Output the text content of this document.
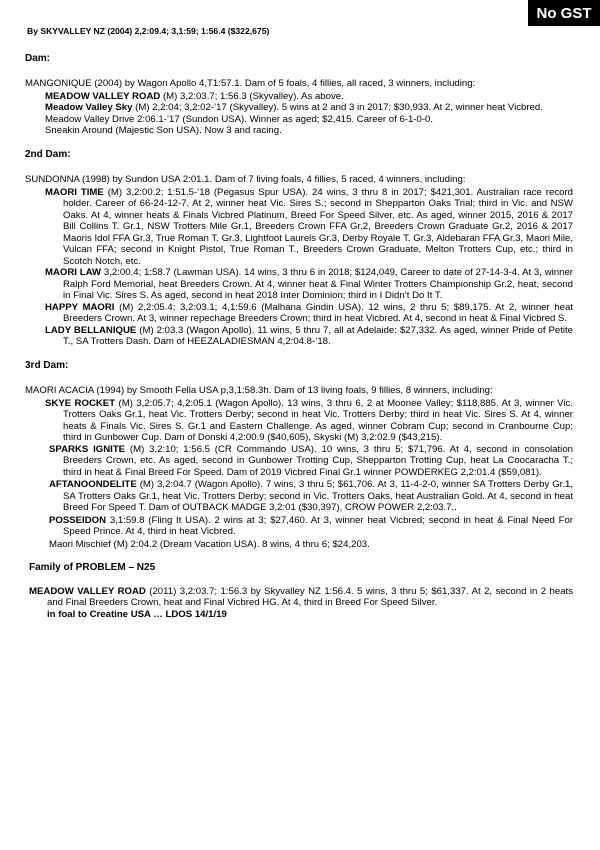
No GST
By SKYVALLEY NZ (2004) 2,2:09.4; 3,1:59; 1:56.4 ($322,675)
Dam:

MANGONIQUE (2004) by Wagon Apollo 4,T1:57.1. Dam of 5 foals, 4 fillies, all raced, 3 winners, including:

MEADOW VALLEY ROAD (M) 3,2:03.7; 1:56.3 (Skyvalley). As above.
Meadow Valley Sky (M) 2,2:04; 3,2:02-’17 (Skyvalley). 5 wins at 2 and 3 in 2017; $30,933. At 2, winner heat Vicbred.
Meadow Valley Drive 2:06.1-’17 (Sundon USA). Winner as aged; $2,415. Career of 6-1-0-0.
Sneakin Around (Majestic Son USA). Now 3 and racing.
2nd Dam:

SUNDONNA (1998) by Sundon USA 2:01.1. Dam of 7 living foals, 4 fillies, 5 raced, 4 winners, including:

MAORI TIME (M) 3,2:00.2; 1:51.5-’18 (Pegasus Spur USA). 24 wins, 3 thru 8 in 2017; $421,301. Australian race record holder. Career of 66-24-12-7. At 2, winner heat Vic. Sires S.; second in Shepparton Oaks Trial; third in Vic. and NSW Oaks. At 4, winner heats & Finals Vicbred Platinum, Breed For Speed Silver, etc. As aged, winner 2015, 2016 & 2017 Bill Collins T. Gr.1, NSW Trotters Mile Gr.1, Breeders Crown FFA Gr.2, Breeders Crown Graduate Gr.2, 2016 & 2017 Maoris Idol FFA Gr.3, True Roman T. Gr.3, Lightfoot Laurels Gr.3, Derby Royale T. Gr.3, Aldebaran FFA Gr.3, Maori Mile, Vulcan FFA; second in Knight Pistol, True Roman T., Breeders Crown Graduate, Melton Trotters Cup, etc.; third in Scotch Notch, etc.
MAORI LAW 3,2:00.4; 1:58.7 (Lawman USA). 14 wins, 3 thru 6 in 2018; $124,049, Career to date of 27-14-3-4. At 3, winner Ralph Ford Memorial, heat Breeders Crown. At 4, winner heat & Final Winter Trotters Championship Gr.2, heat, second in Final Vic. Sires S. As aged, second in heat 2018 Inter Dominion; third in I Didn’t Do It T.
HAPPY MAORI (M) 2,2:05.4; 3,2:03.1; 4,1:59.6 (Malhana Gindin USA). 12 wins, 2 thru 5; $89,175. At 2, winner heat Breeders Crown. At 3, winner repechage Breeders Crown; third in heat Vicbred. At 4, second in heat & Final Vicbred S.
LADY BELLANIQUE (M) 2:03.3 (Wagon Apollo). 11 wins, 5 thru 7, all at Adelaide; $27,332. As aged, winner Pride of Petite T., SA Trotters Dash. Dam of HEEZALADIESMAN 4,2:04.8-’18.
3rd Dam:

MAORI ACACIA (1994) by Smooth Fella USA p,3,1:58.3h. Dam of 13 living foals, 9 fillies, 8 winners, including:

SKYE ROCKET (M) 3,2:05.7; 4,2:05.1 (Wagon Apollo). 13 wins, 3 thru 6, 2 at Moonee Valley; $118,885. At 3, winner Vic. Trotters Oaks Gr.1, heat Vic. Trotters Derby; second in heat Vic. Trotters Derby; third in heat Vic. Sires S. At 4, winner heats & Finals Vic. Sires S. Gr.1 and Eastern Challenge. As aged, winner Cobram Cup; second in Cranbourne Cup; third in Gunbower Cup. Dam of Donski 4,2:00.9 ($40,605), Skyski (M) 3,2:02.9 ($43,215).
SPARKS IGNITE (M) 3,2:10; 1:56.5 (CR Commando USA). 10 wins, 3 thru 5; $71,796. At 4, second in consolation Breeders Crown, etc. As aged, second in Gunbower Trotting Cup, Shepparton Trotting Cup, heat La Coocaracha T.; third in heat & Final Breed For Speed. Dam of 2019 Vicbred Final Gr.1 winner POWDERKEG 2,2:01.4 ($59,081).
AFTANOONDELITE (M) 3,2:04.7 (Wagon Apollo). 7 wins, 3 thru 5; $61,706. At 3, 11-4-2-0, winner SA Trotters Derby Gr.1, SA Trotters Oaks Gr.1, heat Vic. Trotters Derby; second in Vic. Trotters Oaks, heat Australian Gold. At 4, second in heat Breed For Speed T. Dam of OUTBACK MADGE 3,2:01 ($30,397), CROW POWER 2,2:03.7..
POSSEIDON 3,1:59.8 (Fling It USA). 2 wins at 3; $27,460. At 3, winner heat Vicbred; second in heat & Final Need For Speed Prince. At 4, third in heat Vicbred.
Maori Mischief (M) 2:04.2 (Dream Vacation USA). 8 wins, 4 thru 6; $24,203.
Family of PROBLEM – N25
MEADOW VALLEY ROAD (2011) 3,2:03.7; 1:56.3 by Skyvalley NZ 1:56.4. 5 wins, 3 thru 5; $61,337. At 2, second in 2 heats and Final Breeders Crown, heat and Final Vicbred HG. At 4, third in Breed For Speed Silver.
in foal to Creatine USA … LDOS 14/1/19
